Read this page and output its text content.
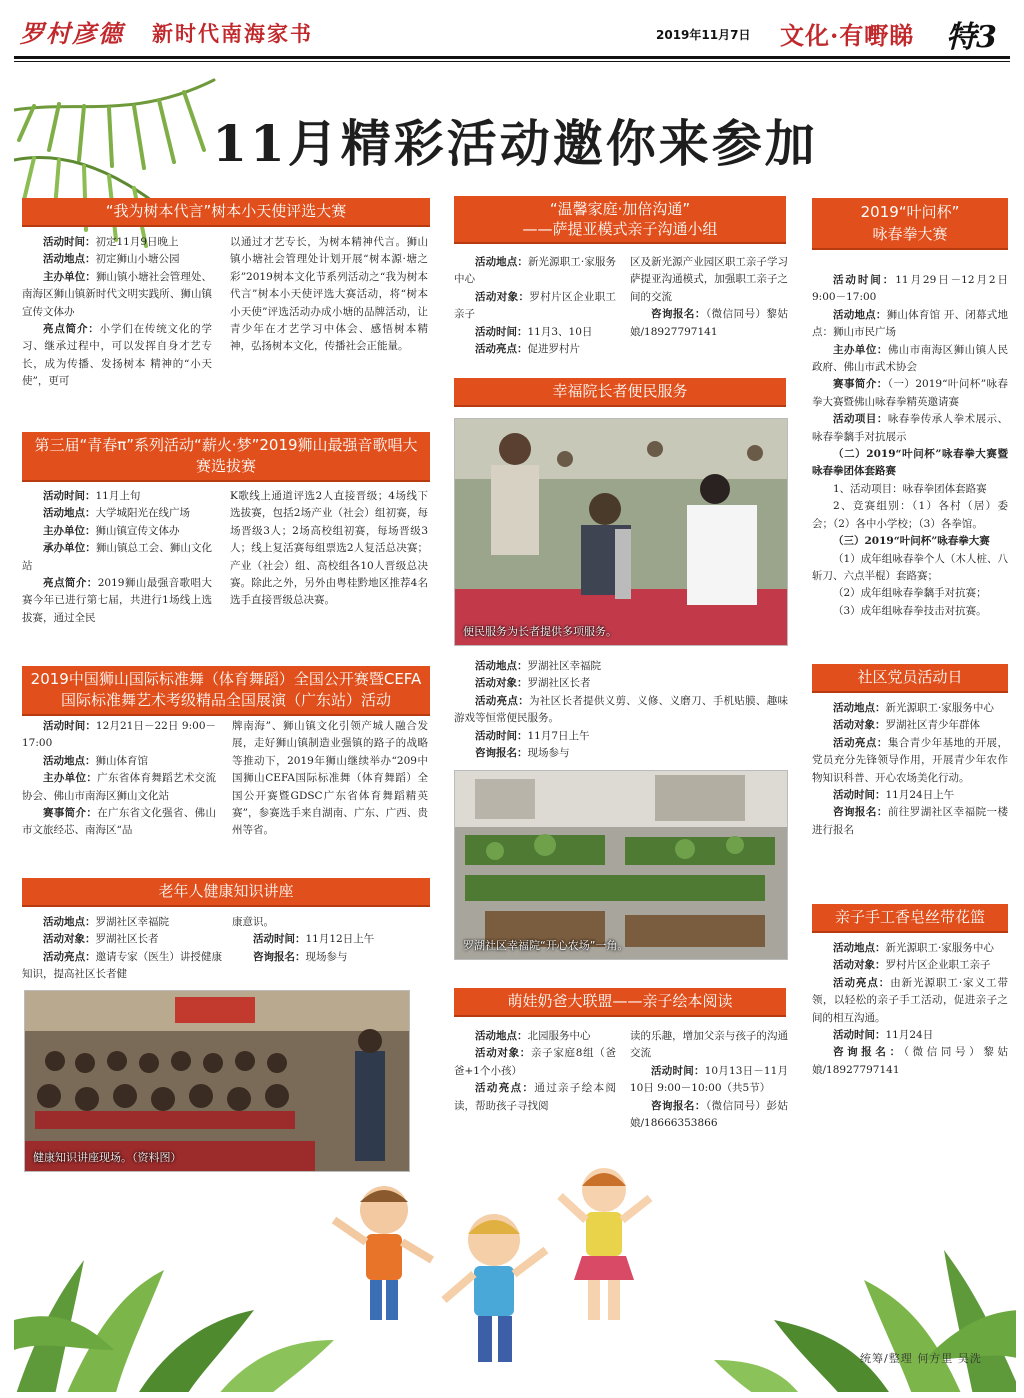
罗村彦德 新时代南海家书	2019年11月7日 文化·有嘢睇 特3
11月精彩活动邀你来参加
“我为树本代言”树本小天使评选大赛

活动时间：初定11月9日晚上

活动地点：初定狮山小塘公园

主办单位：狮山镇小塘社会管理处、南海区狮山镇新时代文明实践所、狮山镇宣传文体办

亮点简介：小学们在传统文化的学习、继承过程中，可以发挥自身才艺专长，成为传播、发扬树本 精神的“小天使”，更可

以通过才艺专长，为树本精神代言。狮山镇小塘社会管理处计划开展“树本源·塘之彩”2019树本文化节系列活动之“我为树本代言”树本小天使评选大赛活动，将“树本小天使”评选活动办成小塘的品牌活动，让青少年在才艺学习中体会、感悟树本精神，弘扬树本文化，传播社会正能量。

第三届“青春π”系列活动“薪火·梦”2019狮山最强音歌唱大赛选拔赛

活动时间：11月上旬

活动地点：大学城阳光在线广场

主办单位：狮山镇宣传文体办

承办单位：狮山镇总工会、狮山文化站

亮点简介：2019狮山最强音歌唱大赛今年已进行第七届，共进行1场线上选拔赛，通过全民

K歌线上通道评选2人直接晋级；4场线下选拔赛，包括2场产业（社会）组初赛，每场晋级3人；2场高校组初赛，每场晋级3人；线上复活赛每组票选2人复活总决赛；产业（社会）组、高校组各10人晋级总决赛。除此之外，另外由粤桂黔地区推荐4名选手直接晋级总决赛。

2019中国狮山国际标准舞（体育舞蹈）全国公开赛暨CEFA国际标准舞艺术考级精品全国展演（广东站）活动

活动时间：12月21日－22日 9:00－17:00

活动地点：狮山体育馆

主办单位：广东省体育舞蹈艺术交流协会、佛山市南海区狮山文化站

赛事简介：在广东省文化强省、佛山市文旅经芯、南海区“品

牌南海”、狮山镇文化引领产城人融合发展，走好狮山镇制造业强镇的路子的战略等推动下，2019年狮山继续举办“209中国狮山CEFA国际标准舞（体育舞蹈）全国公开赛暨GDSC广东省体育舞蹈精英赛”，参赛选手来自湖南、广东、广西、贵州等省。

老年人健康知识讲座

活动地点：罗湖社区幸福院

活动对象：罗湖社区长者

活动亮点：邀请专家（医生）讲授健康知识，提高社区长者健

康意识。

活动时间：11月12日上午

咨询报名：现场参与

健康知识讲座现场。（资料图）
“温馨家庭·加倍沟通”
——萨提亚模式亲子沟通小组

活动地点：新光源职工·家服务中心

活动对象：罗村片区企业职工亲子

活动时间：11月3、10日

活动亮点：促进罗村片

区及新光源产业园区职工亲子学习萨提亚沟通模式，加强职工亲子之间的交流

咨询报名：（微信同号）黎姑娘/18927797141

幸福院长者便民服务
便民服务为长者提供多项服务。

活动地点：罗湖社区幸福院

活动对象：罗湖社区长者

活动亮点：为社区长者提供义剪、义修、义磨刀、手机贴膜、趣味游戏等恒常便民服务。

活动时间：11月7日上午

咨询报名：现场参与

罗湖社区幸福院“开心农场”一角。
萌娃奶爸大联盟——亲子绘本阅读

活动地点：北园服务中心

活动对象：亲子家庭8组（爸爸+1个小孩）

活动亮点：通过亲子绘本阅读，帮助孩子寻找阅

读的乐趣，增加父亲与孩子的沟通交流

活动时间：10月13日－11月10日 9:00－10:00（共5节）

咨询报名：（微信同号）彭姑娘/18666353866

2019“叶问杯”
咏春拳大赛

活动时间：11月29日－12月2日 9:00－17:00

活动地点：狮山体育馆 开、闭幕式地点：狮山市民广场

主办单位：佛山市南海区狮山镇人民政府、佛山市武术协会

赛事简介：（一）2019“叶问杯”咏春拳大赛暨佛山咏春拳精英邀请赛

活动项目：咏春拳传承人拳术展示、咏春拳黐手对抗展示

（二）2019“叶问杯”咏春拳大赛暨咏春拳团体套路赛

1、活动项目：咏春拳团体套路赛

2、竞赛组别：（1）各村（居）委会；（2）各中小学校；（3）各拳馆。

（三）2019“叶问杯”咏春拳大赛

（1）成年组咏春拳个人（木人桩、八斩刀、六点半棍）套路赛；

（2）成年组咏春拳黐手对抗赛；

（3）成年组咏春拳技击对抗赛。

社区党员活动日

活动地点：新光源职工·家服务中心

活动对象：罗湖社区青少年群体

活动亮点：集合青少年基地的开展，党员充分先锋领导作用，开展青少年农作物知识科普、开心农场美化行动。

活动时间：11月24日上午

咨询报名：前往罗湖社区幸福院一楼进行报名

亲子手工香皂丝带花篮

活动地点：新光源职工·家服务中心

活动对象：罗村片区企业职工亲子

活动亮点：由新光源职工·家义工带领，以轻松的亲子手工活动，促进亲子之间的相互沟通。

活动时间：11月24日

咨询报名：（微信同号）黎姑娘/18927797141

统筹/整理 何方里 吴洗
